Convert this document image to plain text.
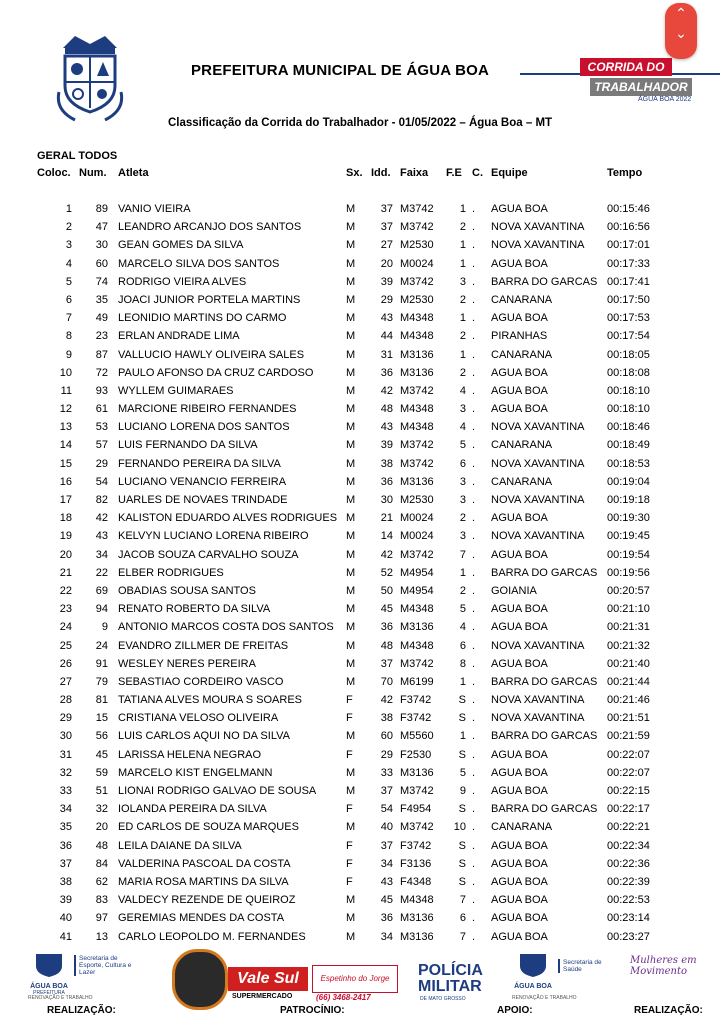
PREFEITURA MUNICIPAL DE ÁGUA BOA	CORRIDA DO
TRABALHADOR
ÁGUA BOA 2022
⌃
⌄
Classificação da Corrida do Trabalhador - 01/05/2022 – Água Boa – MT
GERAL TODOS
Coloc. Num. Atleta	Sx. Idd. Faixa F.E C. Equipe	Tempo
1	89 VANIO VIEIRA	M	37 M3742	1 . AGUA BOA	00:15:46
2	47 LEANDRO ARCANJO DOS SANTOS	M	37 M3742	2 . NOVA XAVANTINA 00:16:56
3	30 GEAN GOMES DA SILVA	M	27 M2530	1 . NOVA XAVANTINA 00:17:01
4	60 MARCELO SILVA DOS SANTOS	M	20 M0024	1 . AGUA BOA	00:17:33
5	74 RODRIGO VIEIRA ALVES	M	39 M3742	3 . BARRA DO GARCAS 00:17:41
6	35 JOACI JUNIOR PORTELA MARTINS	M	29 M2530	2 . CANARANA	00:17:50
7	49 LEONIDIO MARTINS DO CARMO	M	43 M4348	1 . AGUA BOA	00:17:53
8	23 ERLAN ANDRADE LIMA	M	44 M4348	2 . PIRANHAS	00:17:54
9	87 VALLUCIO HAWLY OLIVEIRA SALES	M	31 M3136	1 . CANARANA	00:18:05
10	72 PAULO AFONSO DA CRUZ CARDOSO	M	36 M3136	2 . AGUA BOA	00:18:08
11	93 WYLLEM GUIMARAES	M	42 M3742	4 . AGUA BOA	00:18:10
12	61 MARCIONE RIBEIRO FERNANDES	M	48 M4348	3 . AGUA BOA	00:18:10
13	53 LUCIANO LORENA DOS SANTOS	M	43 M4348	4 . NOVA XAVANTINA 00:18:46
14	57 LUIS FERNANDO DA SILVA	M	39 M3742	5 . CANARANA	00:18:49
15	29 FERNANDO PEREIRA DA SILVA	M	38 M3742	6 . NOVA XAVANTINA 00:18:53
16	54 LUCIANO VENANCIO FERREIRA	M	36 M3136	3 . CANARANA	00:19:04
17	82 UARLES DE NOVAES TRINDADE	M	30 M2530	3 . NOVA XAVANTINA 00:19:18
18	42 KALISTON EDUARDO ALVES RODRIGUES M	21 M0024	2 . AGUA BOA	00:19:30
19	43 KELVYN LUCIANO LORENA RIBEIRO	M	14 M0024	3 . NOVA XAVANTINA 00:19:45
20	34 JACOB SOUZA CARVALHO SOUZA	M	42 M3742	7 . AGUA BOA	00:19:54
21	22 ELBER RODRIGUES	M	52 M4954	1 . BARRA DO GARCAS 00:19:56
22	69 OBADIAS SOUSA SANTOS	M	50 M4954	2 . GOIANIA	00:20:57
23	94 RENATO ROBERTO DA SILVA	M	45 M4348	5 . AGUA BOA	00:21:10
24	9 ANTONIO MARCOS COSTA DOS SANTOS M	36 M3136	4 . AGUA BOA	00:21:31
25	24 EVANDRO ZILLMER DE FREITAS	M	48 M4348	6 . NOVA XAVANTINA 00:21:32
26	91 WESLEY NERES PEREIRA	M	37 M3742	8 . AGUA BOA	00:21:40
27	79 SEBASTIAO CORDEIRO VASCO	M	70 M6199	1 . BARRA DO GARCAS 00:21:44
28	81 TATIANA ALVES MOURA S SOARES	F	42 F3742	S . NOVA XAVANTINA 00:21:46
29	15 CRISTIANA VELOSO OLIVEIRA	F	38 F3742	S . NOVA XAVANTINA 00:21:51
30	56 LUIS CARLOS AQUI NO DA SILVA	M	60 M5560	1 . BARRA DO GARCAS 00:21:59
31	45 LARISSA HELENA NEGRAO	F	29 F2530	S . AGUA BOA	00:22:07
32	59 MARCELO KIST ENGELMANN	M	33 M3136	5 . AGUA BOA	00:22:07
33	51 LIONAI RODRIGO GALVAO DE SOUSA	M	37 M3742	9 . AGUA BOA	00:22:15
34	32 IOLANDA PEREIRA DA SILVA	F	54 F4954	S . BARRA DO GARCAS 00:22:17
35	20 ED CARLOS DE SOUZA MARQUES	M	40 M3742	10 . CANARANA	00:22:21
36	48 LEILA DAIANE DA SILVA	F	37 F3742	S . AGUA BOA	00:22:34
37	84 VALDERINA PASCOAL DA COSTA	F	34 F3136	S . AGUA BOA	00:22:36
38	62 MARIA ROSA MARTINS DA SILVA	F	43 F4348	S . AGUA BOA	00:22:39
39	83 VALDECY REZENDE DE QUEIROZ	M	45 M4348	7 . AGUA BOA	00:22:53
40	97 GEREMIAS MENDES DA COSTA	M	36 M3136	6 . AGUA BOA	00:23:14
41	13 CARLO LEOPOLDO M. FERNANDES	M	34 M3136	7 . AGUA BOA	00:23:27
ÁGUA BOA
PREFEITURA
Secretaria de Esporte, Cultura e Lazer
RENOVAÇÃO E TRABALHO
Vale Sul
SUPERMERCADO
Espetinho do Jorge
(66) 3468-2417
POLÍCIA
MILITAR
DE MATO GROSSO
ÁGUA BOA
Secretaria de Saúde
RENOVAÇÃO E TRABALHO
Mulheres em Movimento
REALIZAÇÃO:	PATROCÍNIO:	APOIO:	REALIZAÇÃO:
